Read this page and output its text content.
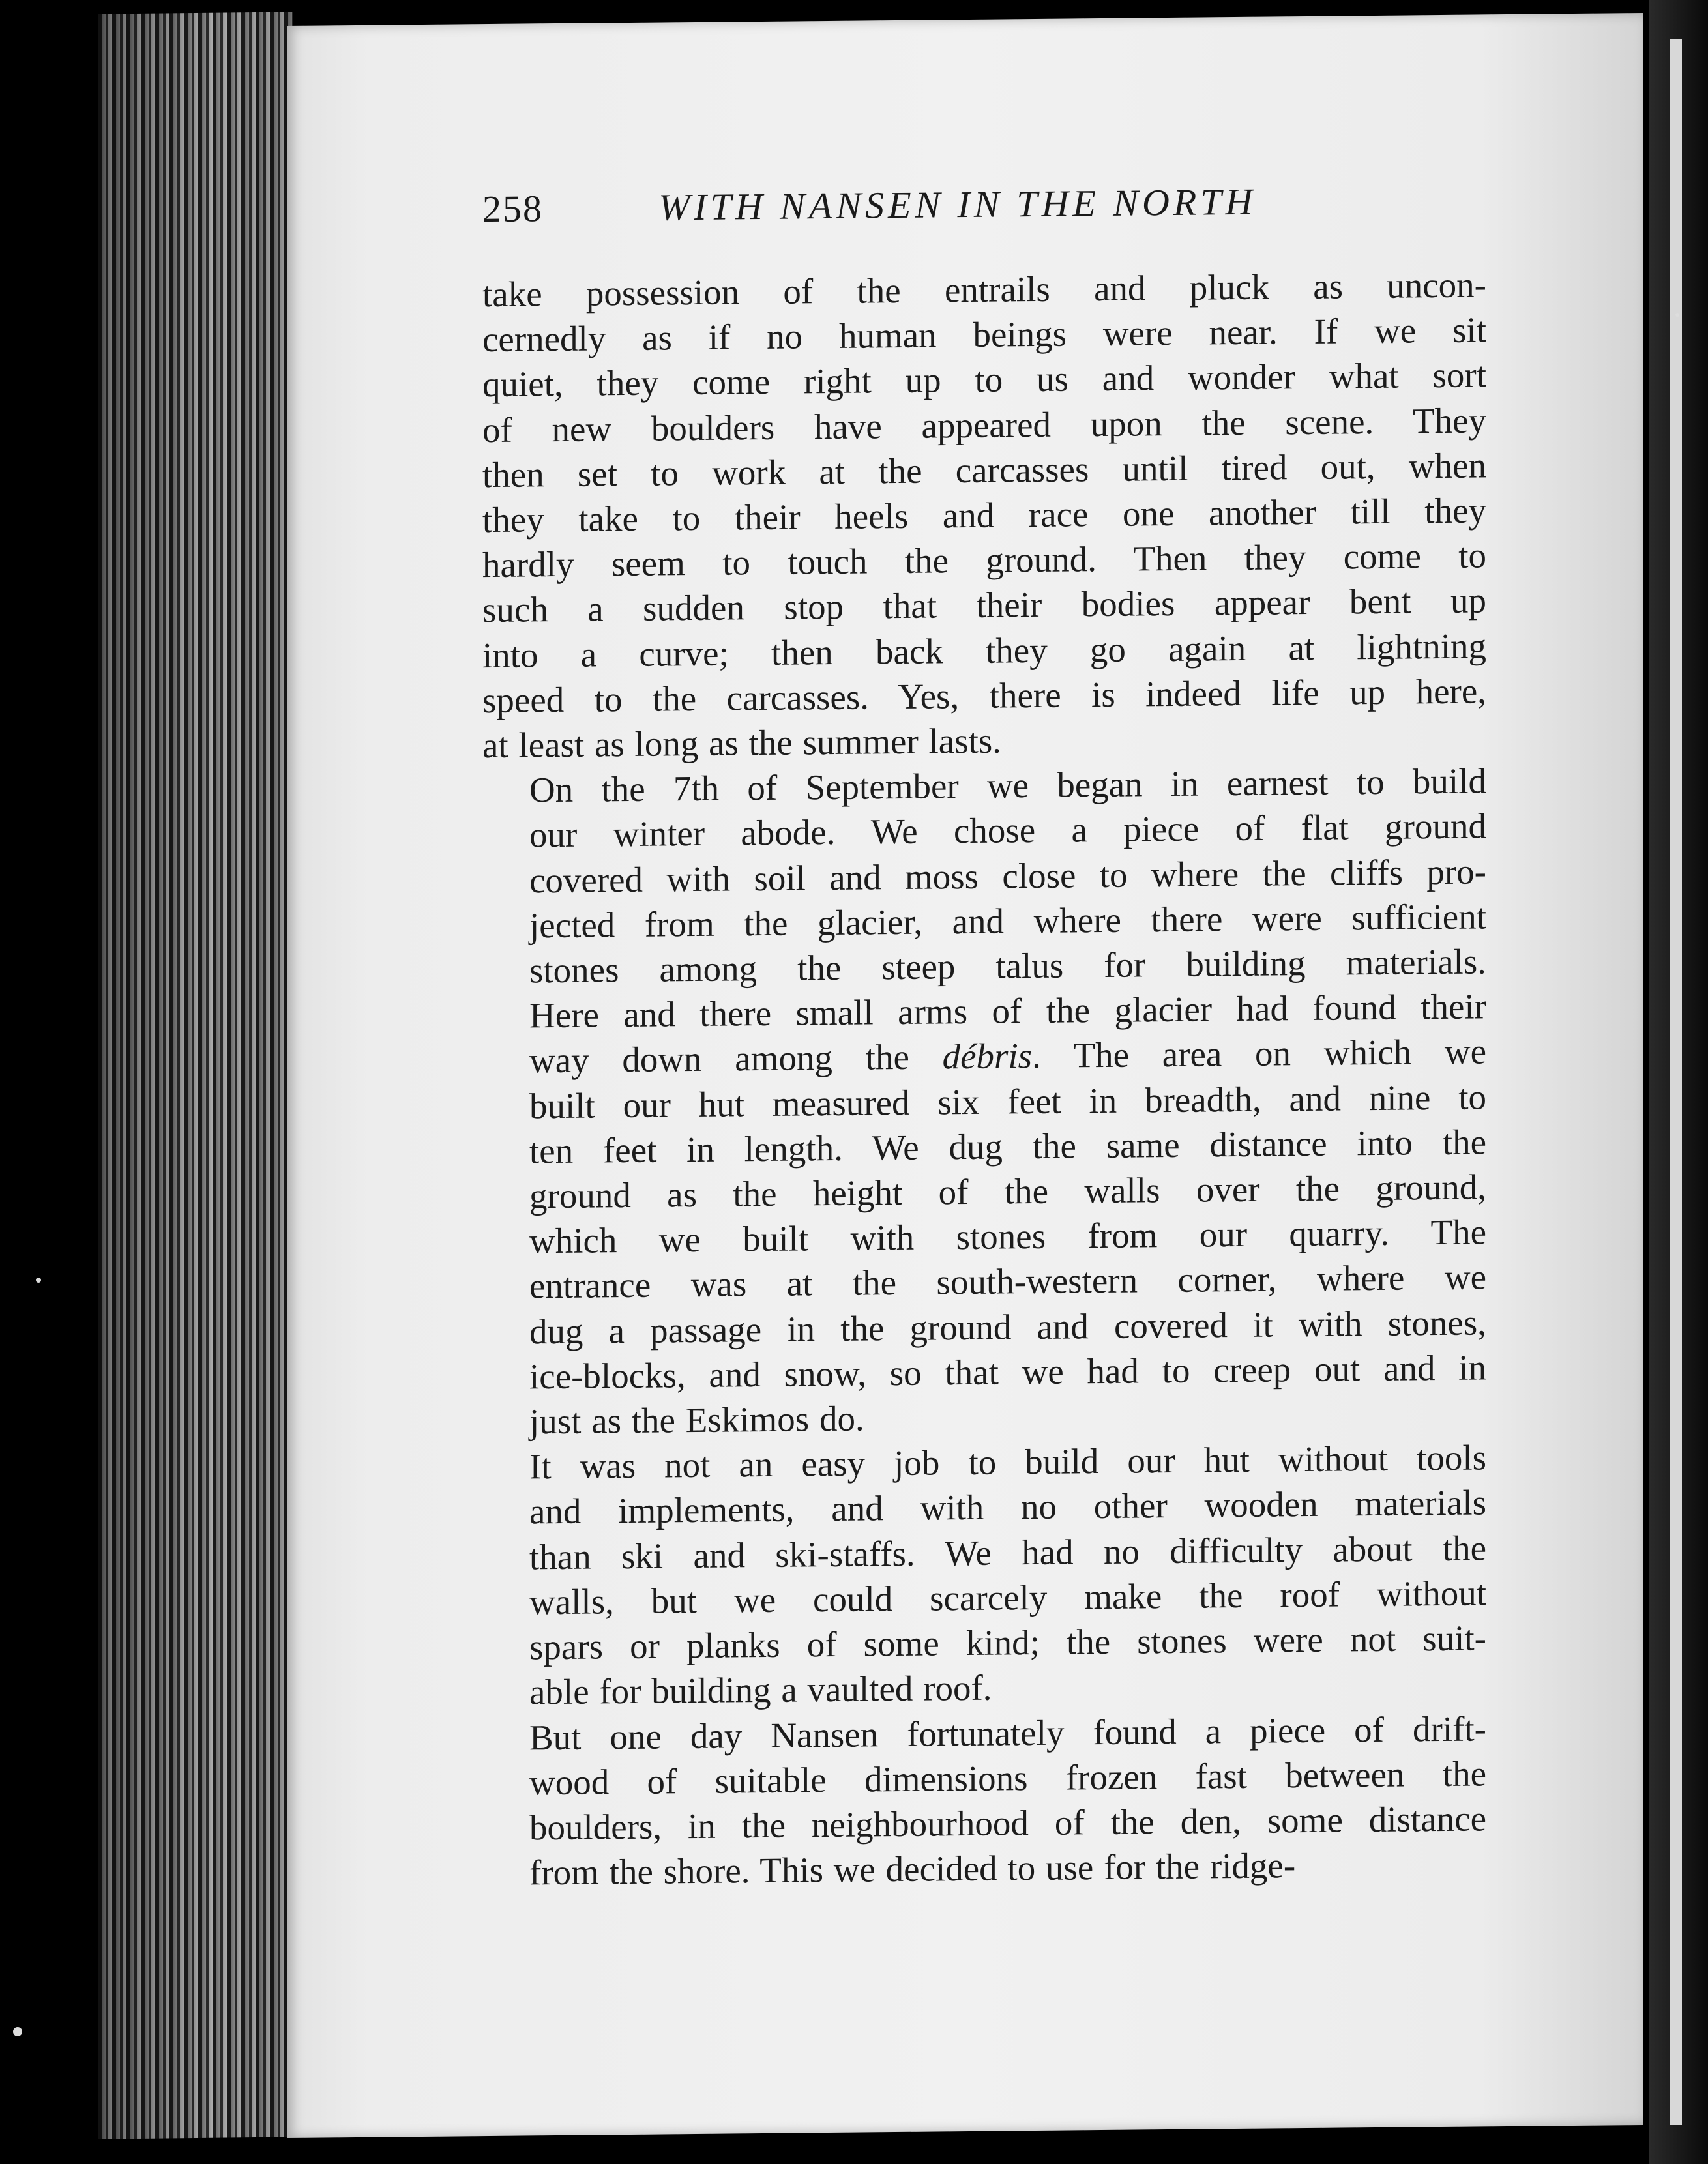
258	WITH NANSEN IN THE NORTH

take possession of the entrails and pluck as uncon-
cernedly as if no human beings were near. If we sit
quiet, they come right up to us and wonder what sort
of new boulders have appeared upon the scene. They
then set to work at the carcasses until tired out, when
they take to their heels and race one another till they
hardly seem to touch the ground. Then they come to
such a sudden stop that their bodies appear bent up
into a curve; then back they go again at lightning
speed to the carcasses. Yes, there is indeed life up here,
at least as long as the summer lasts.

On the 7th of September we began in earnest to build
our winter abode. We chose a piece of flat ground
covered with soil and moss close to where the cliffs pro-
jected from the glacier, and where there were sufficient
stones among the steep talus for building materials.
Here and there small arms of the glacier had found their
way down among the débris. The area on which we
built our hut measured six feet in breadth, and nine to
ten feet in length. We dug the same distance into the
ground as the height of the walls over the ground,
which we built with stones from our quarry. The
entrance was at the south-western corner, where we
dug a passage in the ground and covered it with stones,
ice-blocks, and snow, so that we had to creep out and in
just as the Eskimos do.

It was not an easy job to build our hut without tools
and implements, and with no other wooden materials
than ski and ski-staffs. We had no difficulty about the
walls, but we could scarcely make the roof without
spars or planks of some kind; the stones were not suit-
able for building a vaulted roof.

But one day Nansen fortunately found a piece of drift-
wood of suitable dimensions frozen fast between the
boulders, in the neighbourhood of the den, some distance
from the shore. This we decided to use for the ridge-
